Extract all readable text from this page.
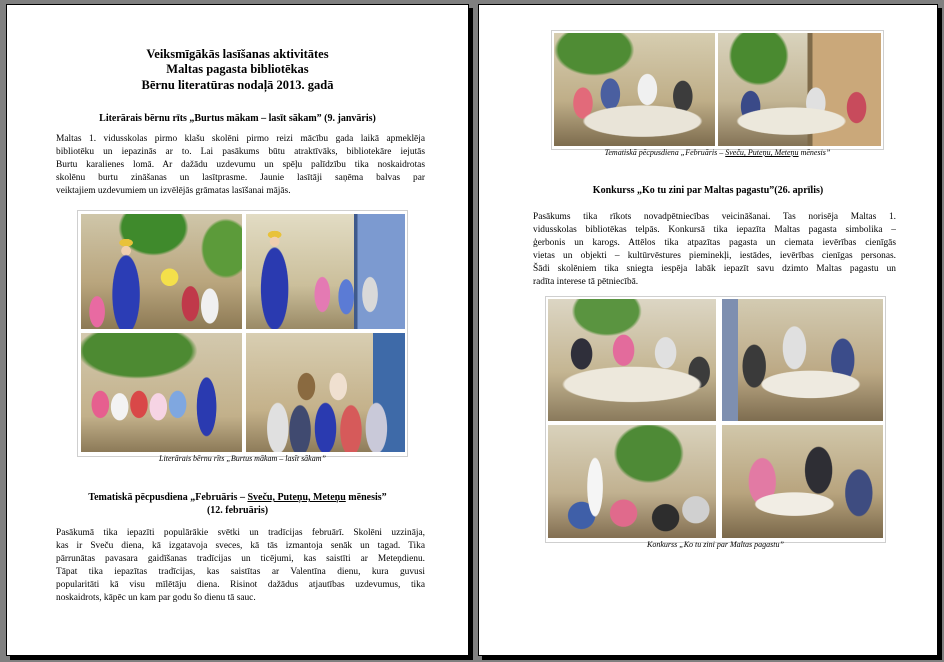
Veiksmīgākās lasīšanas aktivitātes
Maltas pagasta bibliotēkas
Bērnu literatūras nodaļā 2013. gadā
Literārais bērnu rīts „Burtus mākam – lasīt sākam” (9. janvāris)
Maltas 1. vidusskolas pirmo klašu skolēni pirmo reizi mācību gada laikā apmeklēja
bibliotēku un iepazinās ar to. Lai pasākums būtu atraktīvāks, bibliotekāre iejutās
Burtu karalienes lomā. Ar dažādu uzdevumu un spēļu palīdzību tika noskaidrotas
skolēnu burtu zināšanas un lasītprasme. Jaunie lasītāji saņēma balvas par
veiktajiem uzdevumiem un izvēlējās grāmatas lasīšanai mājās.
Literārais bērnu rīts „Burtus mākam – lasīt sākam”
Tematiskā pēcpusdiena „Februāris – Sveču, Puteņu, Meteņu mēnesis”
(12. februāris)
Pasākumā tika iepazīti populārākie svētki un tradīcijas februārī. Skolēni uzzināja,
kas ir Sveču diena, kā izgatavoja sveces, kā tās izmantoja senāk un tagad. Tika
pārrunātas pavasara gaidīšanas tradīcijas un ticējumi, kas saistīti ar Meteņdienu.
Tāpat tika iepazītas tradīcijas, kas saistītas ar Valentīna dienu, kura guvusi
popularitāti kā visu mīlētāju diena. Risinot dažādus atjautības uzdevumus, tika
noskaidrots, kāpēc un kam par godu šo dienu tā sauc.
Tematiskā pēcpusdiena „Februāris – Sveču, Puteņu, Meteņu mēnesis”
Konkurss „Ko tu zini par Maltas pagastu”(26. aprīlis)
Pasākums tika rīkots novadpētniecības veicināšanai. Tas norisēja Maltas 1.
vidusskolas bibliotēkas telpās. Konkursā tika iepazīta Maltas pagasta simbolika –
ģerbonis un karogs. Attēlos tika atpazītas pagasta un ciemata ievērības cienīgās
vietas un objekti – kultūrvēstures pieminekļi, iestādes, ievērības cienīgas personas.
Šādi skolēniem tika sniegta iespēja labāk iepazīt savu dzimto Maltas pagastu un
radīta interese tā pētniecībā.
Konkurss „Ko tu zini par Maltas pagastu”
